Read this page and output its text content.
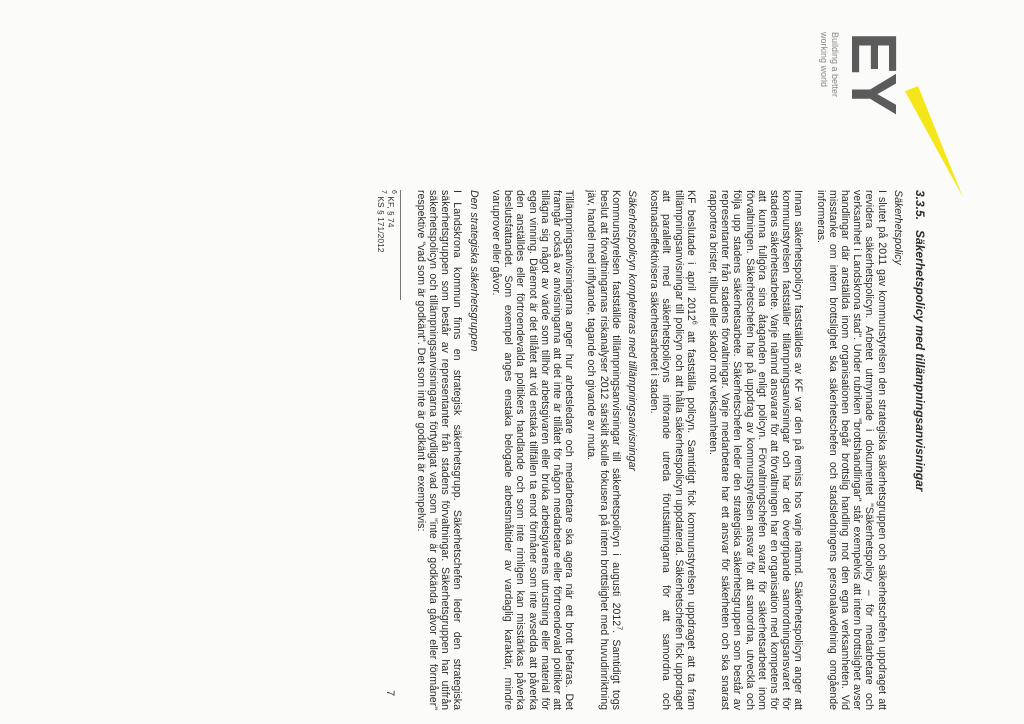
EY
Building a better
working world
3.3.5.Säkerhetspolicy med tillämpningsanvisningar
Säkerhetspolicy

I slutet på 2011 gav kommunstyrelsen den strategiska säkerhetsgruppen och säkerhetschefen uppdraget att revidera säkerhetspolicyn. Arbetet utmynnade i dokumentet "Säkerhetspolicy – för medarbetare och verksamhet i Landskrona stad". Under rubriken "brottshandlingar" står exempelvis att intern brottslighet avser handlingar där anställda inom organisationen begår brottslig handling mot den egna verksamheten. Vid misstanke om intern brottslighet ska säkerhetschefen och stadsledningens personalavdelning omgående informeras.

Innan säkerhetspolicyn fastställdes av KF var den på remiss hos varje nämnd. Säkerhetspolicyn anger att kommunstyrelsen fastställer tillämpningsanvisningar och har det övergripande samordningsansvaret för stadens säkerhetsarbete. Varje nämnd ansvarar för att förvaltningen har en organisation med kompetens för att kunna fullgöra sina åtaganden enligt policyn. Förvaltningschefen svarar för säkerhetsarbetet inom förvaltningen. Säkerhetschefen har på uppdrag av kommunstyrelsen ansvar för att samordna, utveckla och följa upp stadens säkerhetsarbete. Säkerhetschefen leder den strategiska säkerhetsgruppen som består av representanter från stadens förvaltningar. Varje medarbetare har ett ansvar för säkerheten och ska snarast rapportera brister, tillbud eller skador mot verksamheten.

KF beslutade i april 2012$^6$ att fastställa policyn. Samtidigt fick kommunstyrelsen uppdraget att ta fram tillämpningsanvisningar till policyn och att hålla säkerhetspolicyn uppdaterad. Säkerhetschefen fick uppdraget att parallellt med säkerhetspolicyns införande utreda förutsättningarna för att samordna och kostnadseffektivisera säkerhetsarbetet i staden.

Säkerhetspolicyn kompletteras med tillämpningsanvisningar

Kommunstyrelsen fastställde tillämpningsanvisningar till säkerhetspolicyn i augusti 2012$^7$. Samtidigt togs beslut att förvaltningarnas riskanalyser 2012 särskilt skulle fokusera på intern brottslighet med huvudinriktning jäv, handel med inflytande, tagande och givande av muta.

Tillämpningsanvisningarna anger hur arbetsledare och medarbetare ska agera när ett brott befaras. Det framgår också av anvisningarna att det inte är tillåtet för någon medarbetare eller förtroendevald politiker att tillägna sig något av värde som tillhör arbetsgivaren eller bruka arbetsgivarens utrustning eller material för egen vinning. Däremot är det tillåtet att vid enstaka tillfällen ta emot förmåner som inte avsedda att påverka den anställdes eller förtroendevalda politikers handlande och som inte rimligen kan misstänkas påverka beslutsfattandet. Som exempel anges enstaka belogade arbetsmåltider av vardaglig karaktär, mindre varuprover eller gåvor.

Den strategiska säkerhetsgruppen

I Landskrona kommun finns en strategisk säkerhetsgrupp. Säkerhetschefen leder den strategiska säkerhetsgruppen som består av representanter från stadens förvaltningar. Säkerhetsgruppen har utifrån säkerhetspolicyn och tillämpningsanvisningarna förtydligat vad som "inte är godkända gåvor eller förmåner" respektive "vad som är godkänt". Det som inte är godkänt är exempelvis:

$^6$ KF, § 74
$^7$ KS § 171/2012
7
